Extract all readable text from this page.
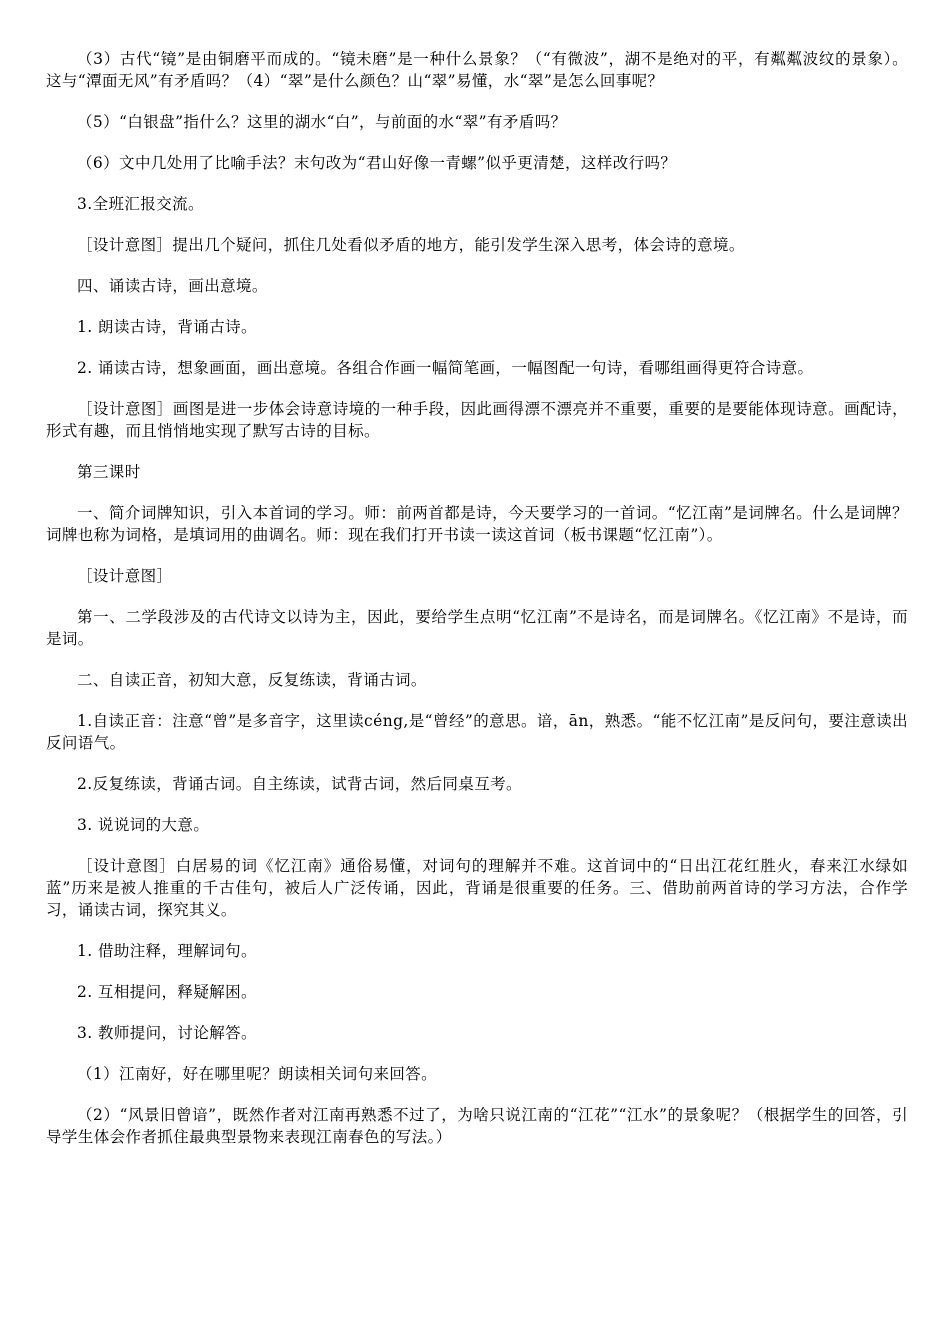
（3）古代“镜”是由铜磨平而成的。“镜未磨”是一种什么景象？（“有微波”，湖不是绝对的平，有粼粼波纹的景象）。这与“潭面无风”有矛盾吗？（4）“翠”是什么颜色？山“翠”易懂，水“翠”是怎么回事呢？

（5）“白银盘”指什么？这里的湖水“白”，与前面的水“翠”有矛盾吗？

（6）文中几处用了比喻手法？末句改为“君山好像一青螺”似乎更清楚，这样改行吗？

3.全班汇报交流。

［设计意图］提出几个疑问，抓住几处看似矛盾的地方，能引发学生深入思考，体会诗的意境。

四、诵读古诗，画出意境。

1. 朗读古诗，背诵古诗。

2. 诵读古诗，想象画面，画出意境。各组合作画一幅简笔画，一幅图配一句诗，看哪组画得更符合诗意。

［设计意图］画图是进一步体会诗意诗境的一种手段，因此画得漂不漂亮并不重要，重要的是要能体现诗意。画配诗，形式有趣，而且悄悄地实现了默写古诗的目标。

第三课时

一、简介词牌知识，引入本首词的学习。师：前两首都是诗，今天要学习的一首词。“忆江南”是词牌名。什么是词牌？词牌也称为词格，是填词用的曲调名。师：现在我们打开书读一读这首词（板书课题“忆江南”）。

［设计意图］

第一、二学段涉及的古代诗文以诗为主，因此，要给学生点明“忆江南”不是诗名，而是词牌名。《忆江南》不是诗，而是词。

二、自读正音，初知大意，反复练读，背诵古词。

1.自读正音：注意“曾”是多音字，这里读céng,是“曾经”的意思。谙，ān，熟悉。“能不忆江南”是反问句，要注意读出反问语气。

2.反复练读，背诵古词。自主练读，试背古词，然后同桌互考。

3. 说说词的大意。

［设计意图］白居易的词《忆江南》通俗易懂，对词句的理解并不难。这首词中的“日出江花红胜火，春来江水绿如蓝”历来是被人推重的千古佳句，被后人广泛传诵，因此，背诵是很重要的任务。三、借助前两首诗的学习方法，合作学习，诵读古词，探究其义。

1. 借助注释，理解词句。

2. 互相提问，释疑解困。

3. 教师提问，讨论解答。

（1）江南好，好在哪里呢？朗读相关词句来回答。

（2）“风景旧曾谙”，既然作者对江南再熟悉不过了，为啥只说江南的“江花”“江水”的景象呢？（根据学生的回答，引导学生体会作者抓住最典型景物来表现江南春色的写法。）
